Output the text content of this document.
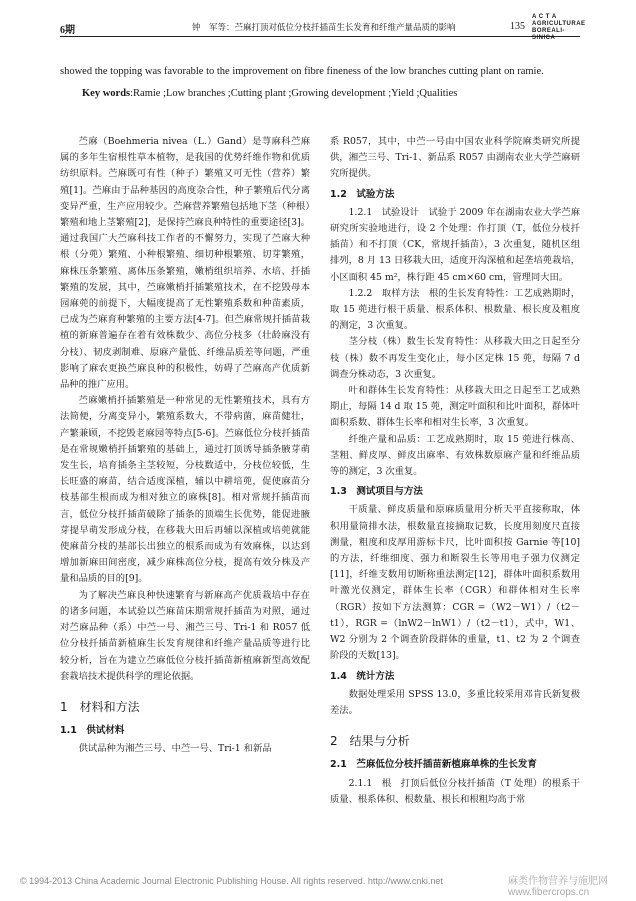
6期	钟　军等：苎麻打顶对低位分枝扦插苗生长发育和纤维产量品质的影响	135
A C T A
AGRICULTURAE
BOREALI-SINICA
showed the topping was favorable to the improvement on fibre fineness of the low branches cutting plant on ramie.
Key words:Ramie ;Low branches ;Cutting plant ;Growing development ;Yield ;Qualities

苎麻（Boehmeria nivea（L.）Gand）是荨麻科苎麻属的多年生宿根性草本植物，是我国的优势纤维作物和优质纺织原料。苎麻既可有性（种子）繁殖又可无性（营养）繁殖[1]。苎麻由于品种基因的高度杂合性，种子繁殖后代分离变异严重，生产应用较少。苎麻营养繁殖包括地下茎（种根）繁殖和地上茎繁殖[2]，是保持苎麻良种特性的重要途径[3]。通过我国广大苎麻科技工作者的不懈努力，实现了苎麻大种根（分蔸）繁殖、小种根繁殖、细切种根繁殖、切芽繁殖，麻株压条繁殖、离体压条繁殖，嫩梢组织培养、水培、扦插繁殖的发展，其中，苎麻嫩梢扦插繁殖技术，在不挖毁母本园麻蔸的前提下，大幅度提高了无性繁殖系数和种苗素质，已成为苎麻育种繁殖的主要方法[4-7]。但苎麻常规扦插苗栽植的新麻普遍存在着有效株数少、高位分枝多（壮龄麻没有分枝）、韧皮剥制难、原麻产量低、纤维品质差等问题，严重影响了麻农更换苎麻良种的积极性，妨碍了苎麻高产优质新品种的推广应用。

苎麻嫩梢扦插繁殖是一种常见的无性繁殖技术，具有方法简便，分离变异小，繁殖系数大，不带病菌，麻苗健壮，产繁兼顾，不挖毁老麻园等特点[5-6]。苎麻低位分枝扦插苗是在常规嫩梢扦插繁殖的基础上，通过打顶诱导插条腋芽萌发生长，培育插条主茎较短，分枝数适中，分枝位较低，生长旺盛的麻苗，结合适度深植，辅以中耕培蔸，促使麻苗分枝基部生根而成为相对独立的麻株[8]。相对常规扦插苗而言，低位分枝扦插苗破除了插条的顶端生长优势，能促进腋芽提早萌发形成分枝，在移栽大田后再辅以深植或培蔸就能使麻苗分枝的基部长出独立的根系而成为有效麻株，以达到增加新麻田间密度，减少麻株高位分枝，提高有效分株及产量和品质的目的[9]。

为了解决苎麻良种快速繁育与新麻高产优质栽培中存在的诸多问题，本试验以苎麻苗床期常规扦插苗为对照，通过对苎麻品种（系）中苎一号、湘苎三号、Tri-1 和 R057 低位分枝扦插苗新植麻生长发育规律和纤维产量品质等进行比较分析，旨在为建立苎麻低位分枝扦插苗新植麻新型高效配套栽培技术提供科学的理论依据。

1　材料和方法
1.1　供试材料

供试品种为湘苎三号、中苎一号、Tri-1 和新品

系 R057，其中，中苎一号由中国农业科学院麻类研究所提供，湘苎三号、Tri-1、新品系 R057 由湖南农业大学苎麻研究所提供。

1.2　试验方法

1.2.1　试验设计　试验于 2009 年在湖南农业大学苎麻研究所实验地进行，设 2 个处理：作打顶（T，低位分枝扦插苗）和不打顶（CK，常规扦插苗），3 次重复，随机区组排列，8 月 13 日移栽大田，适度开沟深植和起垄培蔸栽培，小区面积 45 m²，株行距 45 cm×60 cm，管理同大田。

1.2.2　取样方法　根的生长发育特性：工艺成熟期时，取 15 蔸进行根干质量、根系体积、根数量、根长度及粗度的测定，3 次重复。

茎分枝（株）数生长发育特性：从移栽大田之日起至分枝（株）数不再发生变化止，每小区定株 15 蔸，每隔 7 d 调查分株动态，3 次重复。

叶和群体生长发育特性：从移栽大田之日起至工艺成熟期止，每隔 14 d 取 15 蔸，测定叶面积和比叶面积，群体叶面积系数、群体生长率和相对生长率，3 次重复。

纤维产量和品质：工艺成熟期时，取 15 蔸进行株高、茎粗、鲜皮厚、鲜皮出麻率、有效株数原麻产量和纤维品质等的测定，3 次重复。

1.3　测试项目与方法

干质量、鲜皮质量和原麻质量用分析天平直接称取，体积用量筒排水法，根数量直接摘取记数，长度用刻度尺直接测量，粗度和皮厚用游标卡尺，比叶面积按 Garnie 等[10]的方法，纤维细度、强力和断裂生长等用电子强力仪测定[11]，纤维支数用切断称重法测定[12]，群体叶面积系数用叶激光仪测定，群体生长率（CGR）和群体相对生长率（RGR）按如下方法测算：CGR =（W2－W1）/（t2－t1），RGR =（lnW2－lnW1）/（t2－t1），式中，W1、W2 分别为 2 个调查阶段群体的重量，t1、t2 为 2 个调查阶段的天数[13]。

1.4　统计方法

数据处理采用 SPSS 13.0，多重比较采用邓肯氏新复极差法。

2　结果与分析
2.1　苎麻低位分枝扦插苗新植麻单株的生长发育

2.1.1　根　打顶后低位分枝扦插苗（T 处理）的根系干质量、根系体积、根数量、根长和根粗均高于常

© 1994-2013 China Academic Journal Electronic Publishing House. All rights reserved. http://www.cnki.net	麻类作物营养与施肥网 www.fibercrops.cn
